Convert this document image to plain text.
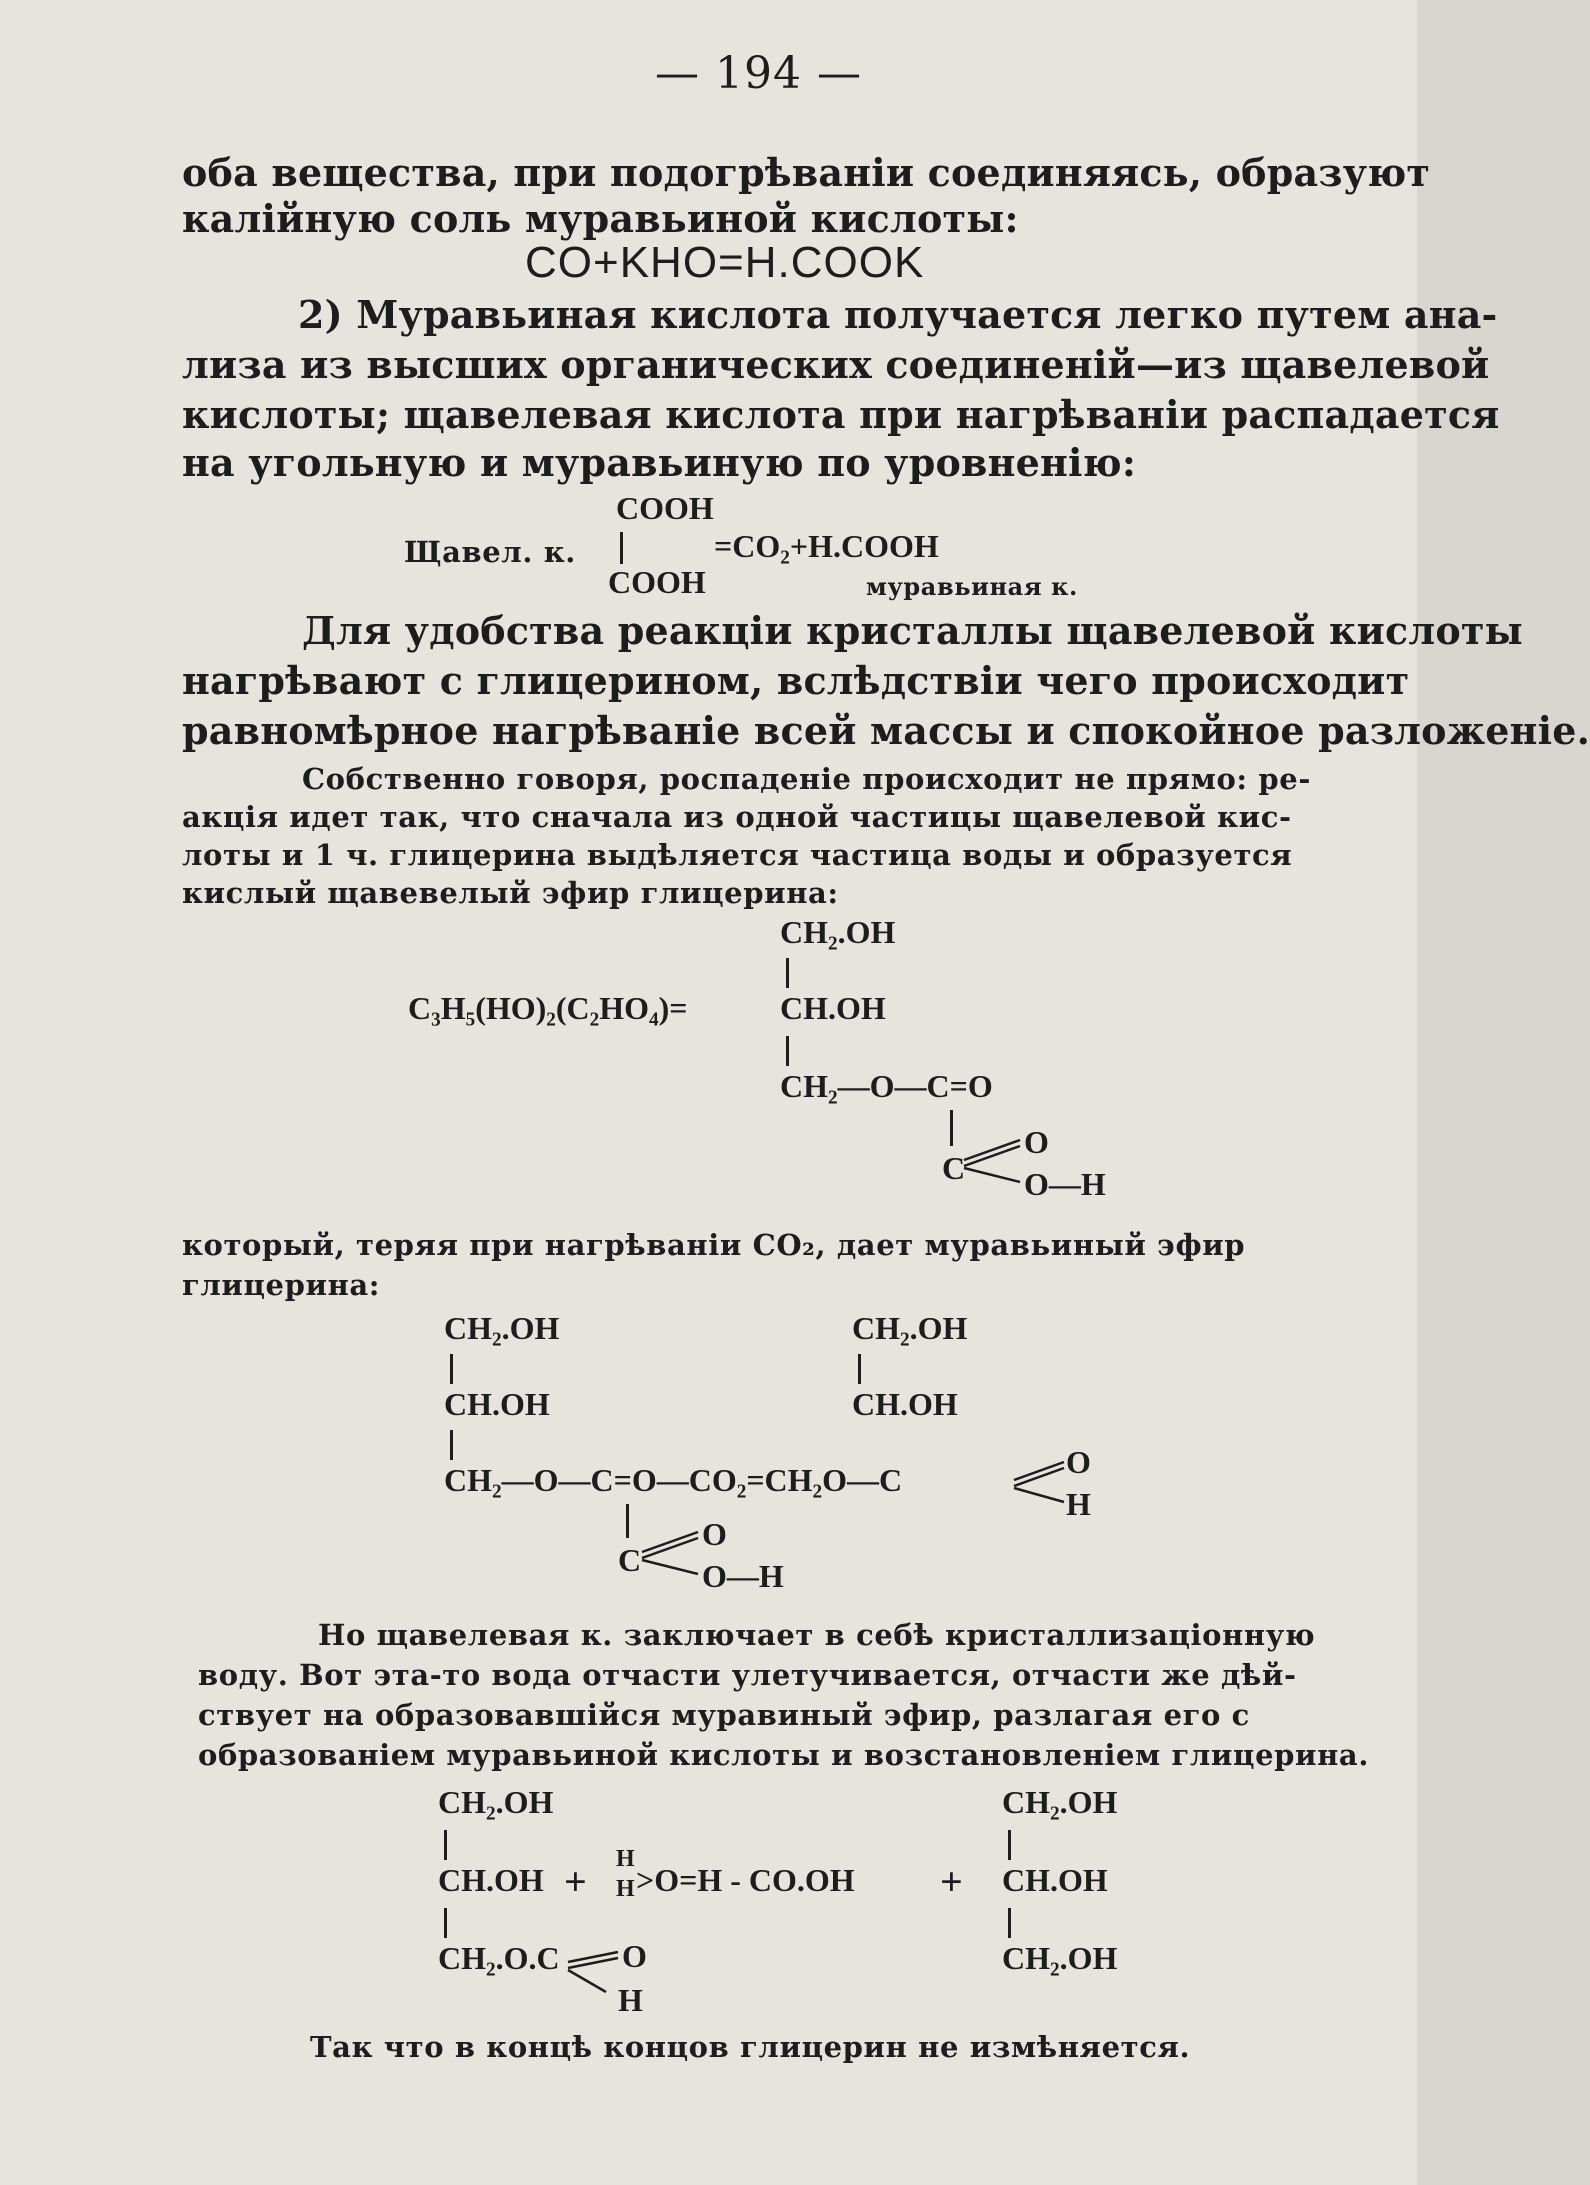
— 194 —
оба вещества, при подогрѣваніи соединяясь, образуют
калійную соль муравьиной кислоты:
CO+KHO=H.COOK
2) Муравьиная кислота получается легко путем ана-
лиза из высших органических соединеній—из щавелевой
кислоты; щавелевая кислота при нагрѣваніи распадается
на угольную и муравьиную по уровненію:
COOH
Щавел. к.	=CO₂+H.COOH
COOH	муравьиная к.
Для удобства реакціи кристаллы щавелевой кислоты
нагрѣвают с глицерином, вслѣдствіи чего происходит
равномѣрное нагрѣваніе всей массы и спокойное разложеніе.
Собственно говоря, роспаденіе происходит не прямо: ре-
акція идет так, что сначала из одной частицы щавелевой кис-
лоты и 1 ч. глицерина выдѣляется частица воды и образуется
кислый щавевелый эфир глицерина:
CH₂.OH
C₃H₅(HO)₂(C₂HO₄)=	CH.OH
CH₂—O—C=O
C
O
O—H
который, теряя при нагрѣваніи CO₂, дает муравьиный эфир
глицерина:
CH₂.OH	CH₂.OH
CH.OH	CH.OH
CH₂—O—C=O—CO₂=CH₂O—C	O
H
C
O
O—H
Но щавелевая к. заключает в себѣ кристаллизаціонную
воду. Вот эта-то вода отчасти улетучивается, отчасти же дѣй-
ствует на образовавшійся муравиный эфир, разлагая его с
образованіем муравьиной кислоты и возстановленіем глицерина.
CH₂.OH	CH₂.OH
CH.OH + H
H >O=H - CO.OH + CH.OH
CH₂.O.C O
H
CH₂.OH
Так что в концѣ концов глицерин не измѣняется.
